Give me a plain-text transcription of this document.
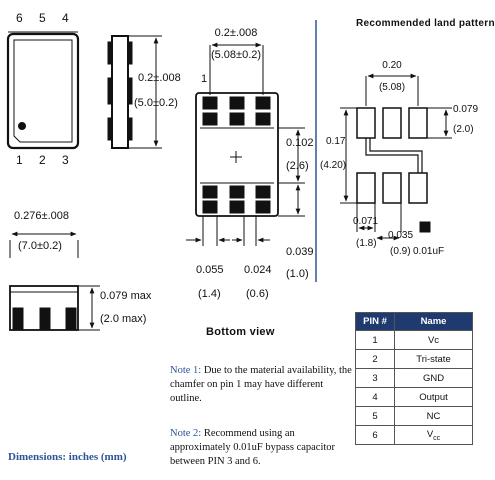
6 5 4
1 2 3
0.2±.008
(5.0±0.2)
0.276±.008
(7.0±0.2)
0.079 max
(2.0 max)
1
0.2±.008
(5.08±0.2)
0.102
(2.6)
0.039
(1.0)
0.055
(1.4)
0.024
(0.6)
Bottom view
Recommended land pattern
0.20
(5.08)
0.079
(2.0)
0.17
(4.20)
0.071
(1.8)
0.035
(0.9) 0.01uF
PIN #	Name
1	Vc
2	Tri-state
3	GND
4	Output
5	NC
6	$V_{cc}$
Note 1: Due to the material availability, the chamfer on pin 1 may have different outline.
Note 2: Recommend using an approximately 0.01uF bypass capacitor between PIN 3 and 6.
Dimensions: inches (mm)
